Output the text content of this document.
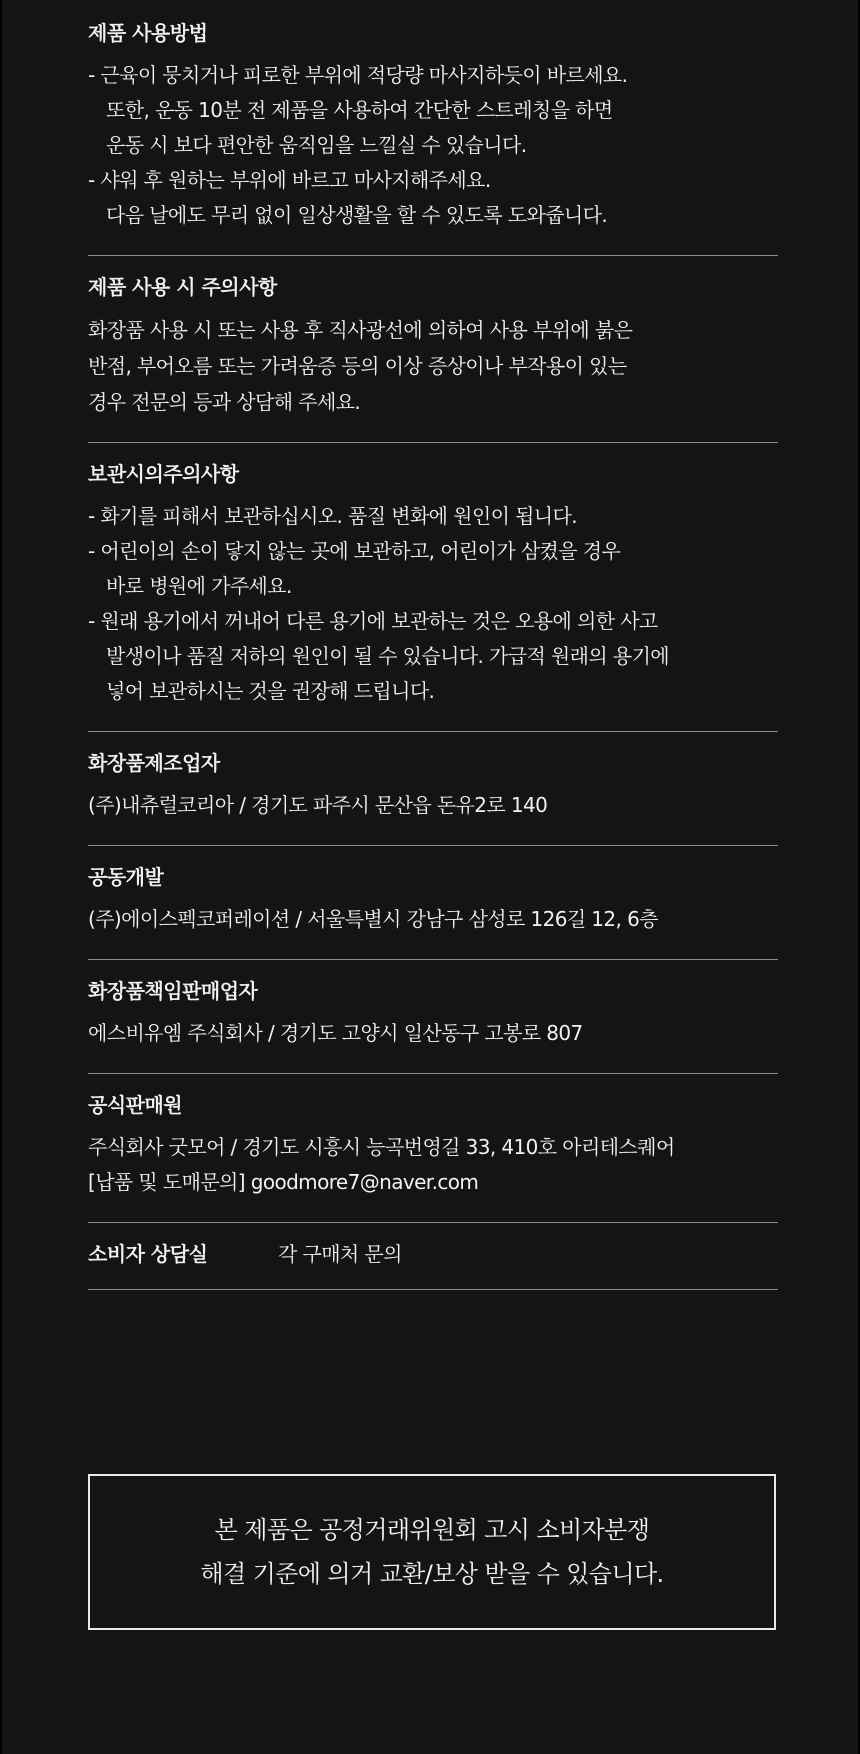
제품 사용방법
- 근육이 뭉치거나 피로한 부위에 적당량 마사지하듯이 바르세요.
또한, 운동 10분 전 제품을 사용하여 간단한 스트레칭을 하면
운동 시 보다 편안한 움직임을 느낄실 수 있습니다.
- 샤워 후 원하는 부위에 바르고 마사지해주세요.
다음 날에도 무리 없이 일상생활을 할 수 있도록 도와줍니다.
제품 사용 시 주의사항
화장품 사용 시 또는 사용 후 직사광선에 의하여 사용 부위에 붉은
반점, 부어오름 또는 가려움증 등의 이상 증상이나 부작용이 있는
경우 전문의 등과 상담해 주세요.
보관시의주의사항
- 화기를 피해서 보관하십시오. 품질 변화에 원인이 됩니다.
- 어린이의 손이 닿지 않는 곳에 보관하고, 어린이가 삼켰을 경우
바로 병원에 가주세요.
- 원래 용기에서 꺼내어 다른 용기에 보관하는 것은 오용에 의한 사고
발생이나 품질 저하의 원인이 될 수 있습니다. 가급적 원래의 용기에
넣어 보관하시는 것을 권장해 드립니다.
화장품제조업자
(주)내츄럴코리아 / 경기도 파주시 문산읍 돈유2로 140
공동개발
(주)에이스펙코퍼레이션 / 서울특별시 강남구 삼성로 126길 12, 6층
화장품책임판매업자
에스비유엠 주식회사 / 경기도 고양시 일산동구 고봉로 807
공식판매원
주식회사 굿모어 / 경기도 시흥시 능곡번영길 33, 410호 아리테스퀘어
[납품 및 도매문의] goodmore7@naver.com
소비자 상담실	각 구매처 문의
본 제품은 공정거래위원회 고시 소비자분쟁
해결 기준에 의거 교환/보상 받을 수 있습니다.
